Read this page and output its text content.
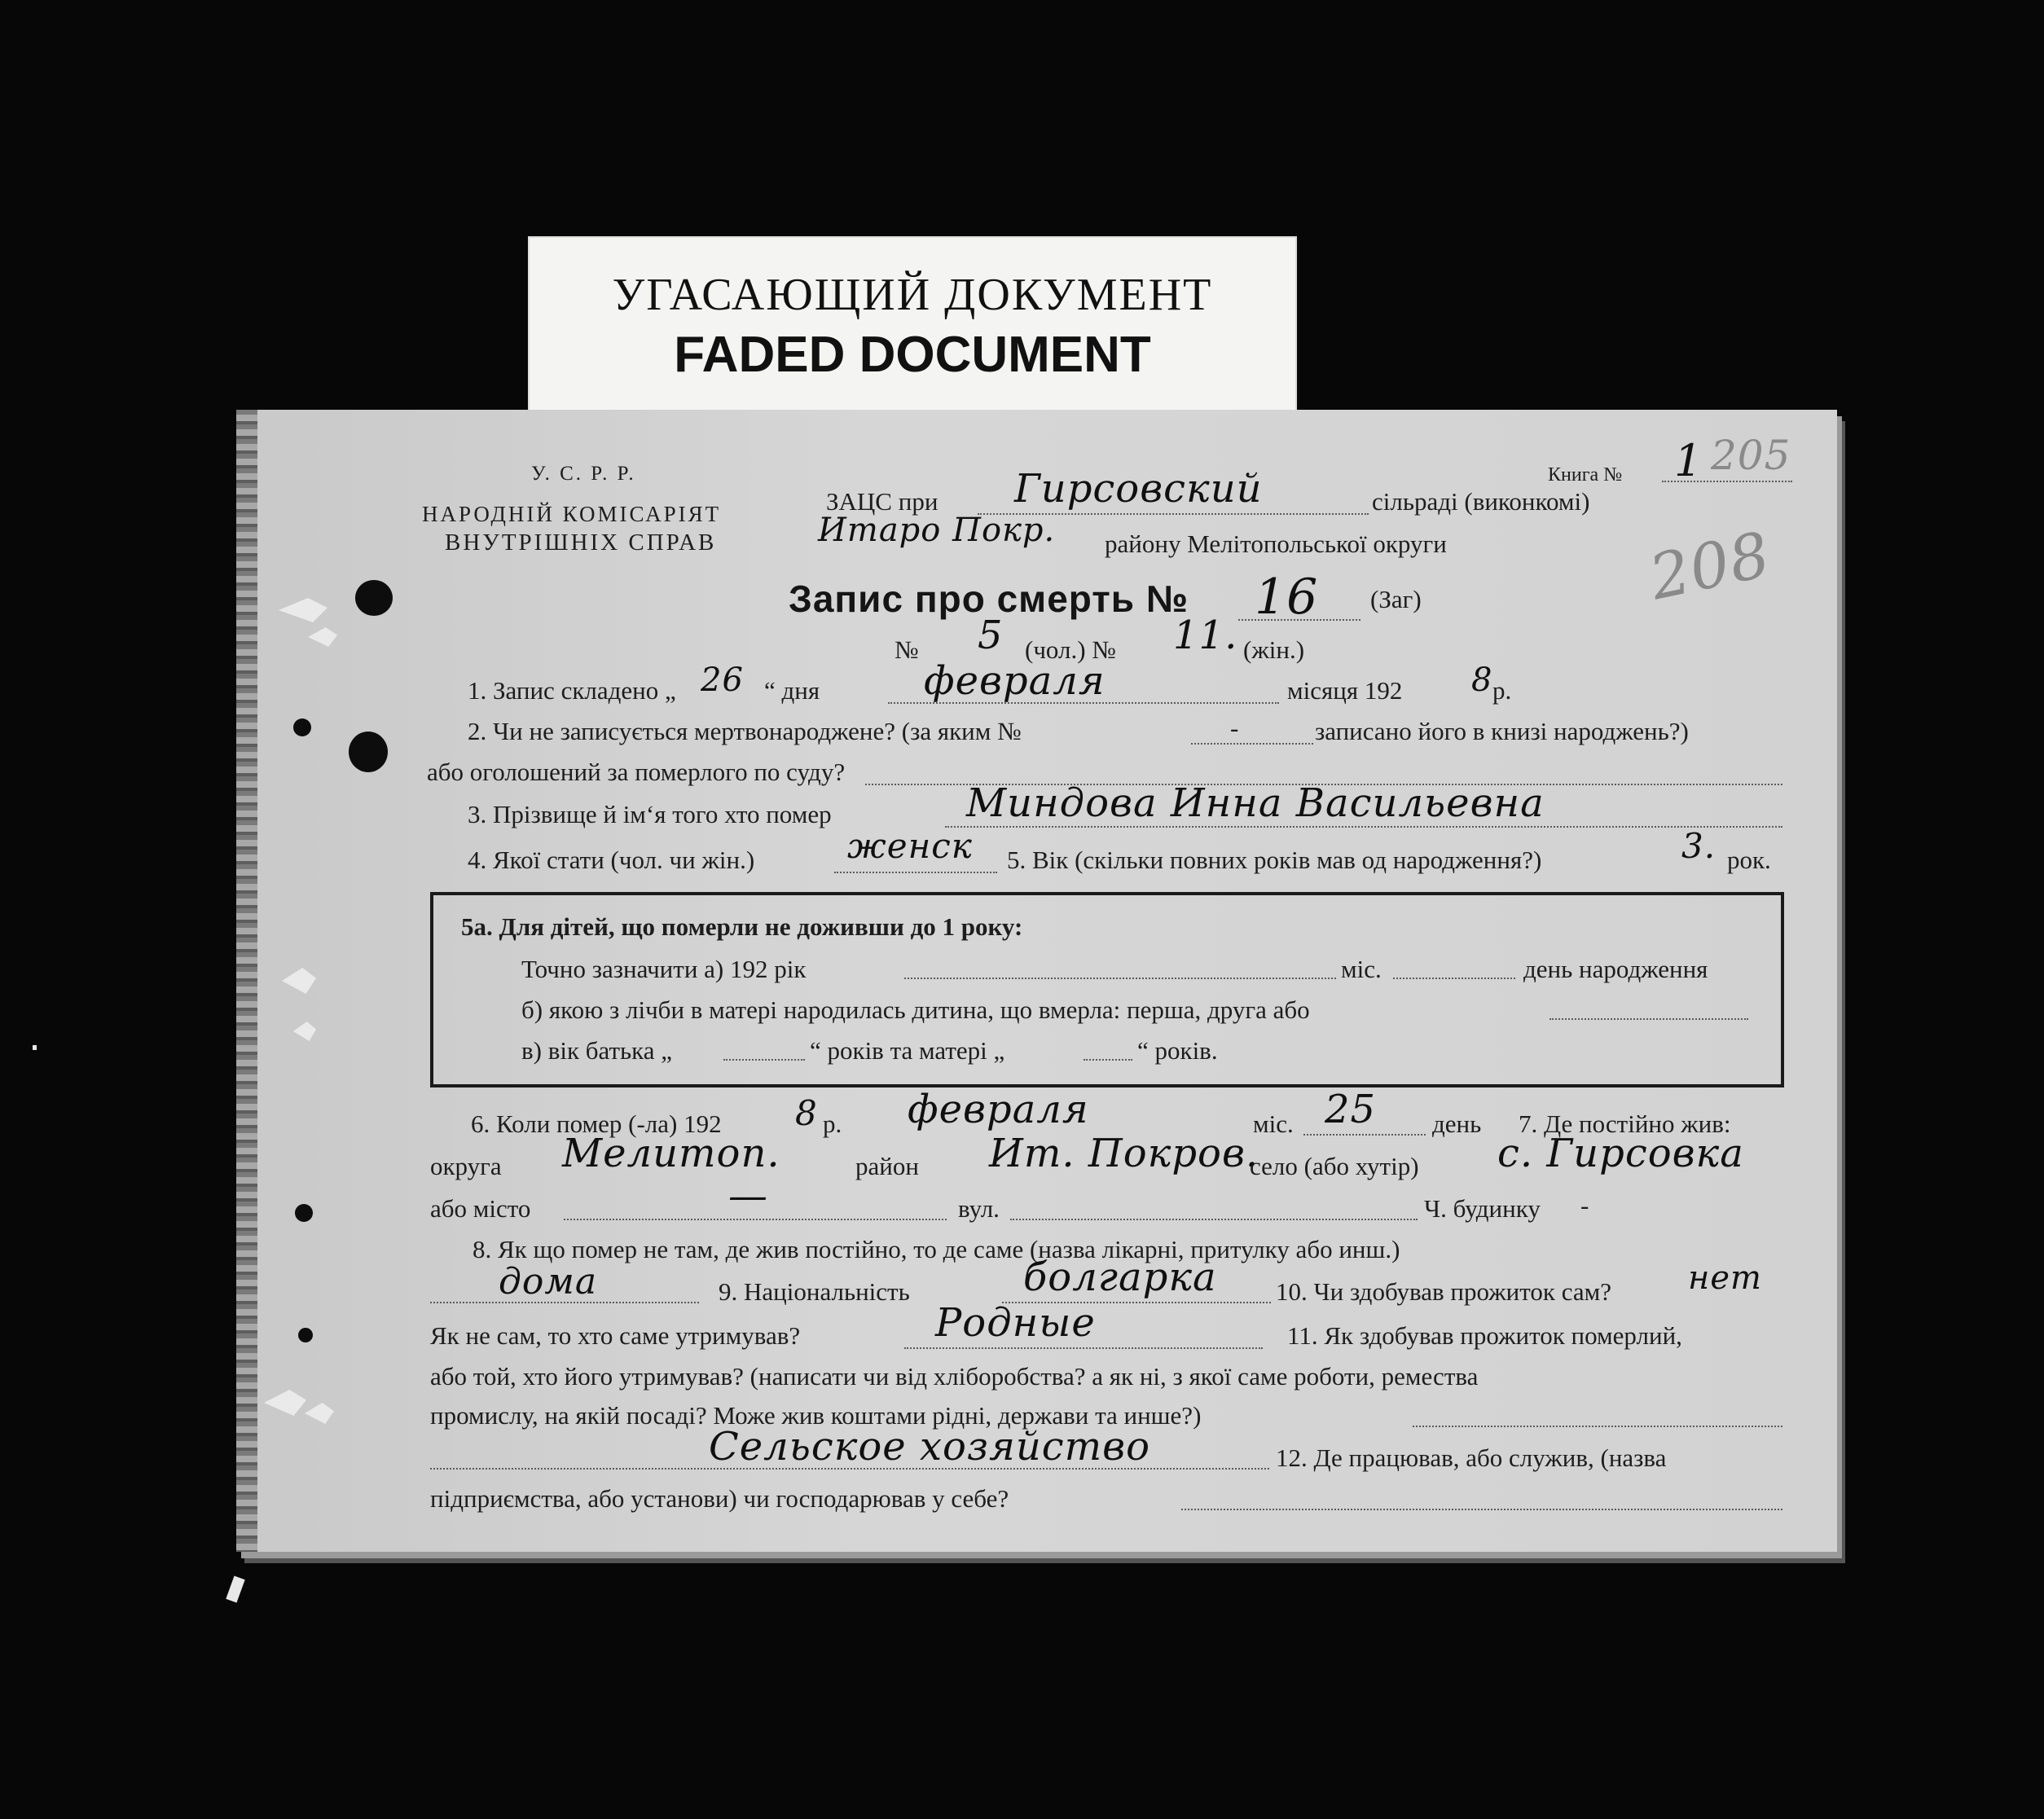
УГАСАЮЩИЙ ДОКУМЕНТ
FADED DOCUMENT
У. С. Р. Р.
НАРОДНІЙ КОМІСАРІЯТ
ВНУТРІШНІХ СПРАВ
Книга № 1 205
208
ЗАЦС при Гирсовский	сільраді (виконкомі)
Итаро Покр. району Мелітопольської округи
Запис про смерть № 16 (Заг)
№ 5 (чол.) № 11. (жін.)
1. Запис складено „ 26 “ дня	февраля	місяця 192 8 р.
2. Чи не записується мертвонароджене? (за яким №	-	записано його в книзі народжень?)
або оголошений за померлого по суду?
3. Прізвище й ім‘я того хто помер	Миндова Инна Васильевна
4. Якої стати (чол. чи жін.)	женск 5. Вік (скільки повних років мав од народження?)	3. рок.
5а. Для дітей, що померли не доживши до 1 року:
Точно зазначити а) 192 рік	міс.	день народження
б) якою з лічби в матері народилась дитина, що вмерла: перша, друга або
в) вік батька „	“ років та матері „	“ років.
6. Коли помер (-ла) 192 8 р. февраля	міс. 25 день 7. Де постійно жив:
округа Мелитоп.	район Ит. Покров.
село (або хутір) с. Гирсовка
або місто	—	вул.	Ч. будинку -
8. Як що помер не там, де жив постійно, то де саме (назва лікарні, притулку або инш.)
дома	9. Національність	болгарка 10. Чи здобував прожиток сам? нет
Як не сам, то хто саме утримував?	Родные	11. Як здобував прожиток померлий,
або той, хто його утримував? (написати чи від хліборобства? а як ні, з якої саме роботи, ремества
промислу, на якій посаді? Може жив коштами рідні, держави та инше?)
Сельское хозяйство	12. Де працював, або служив, (назва
підприємства, або установи) чи господарював у себе?
